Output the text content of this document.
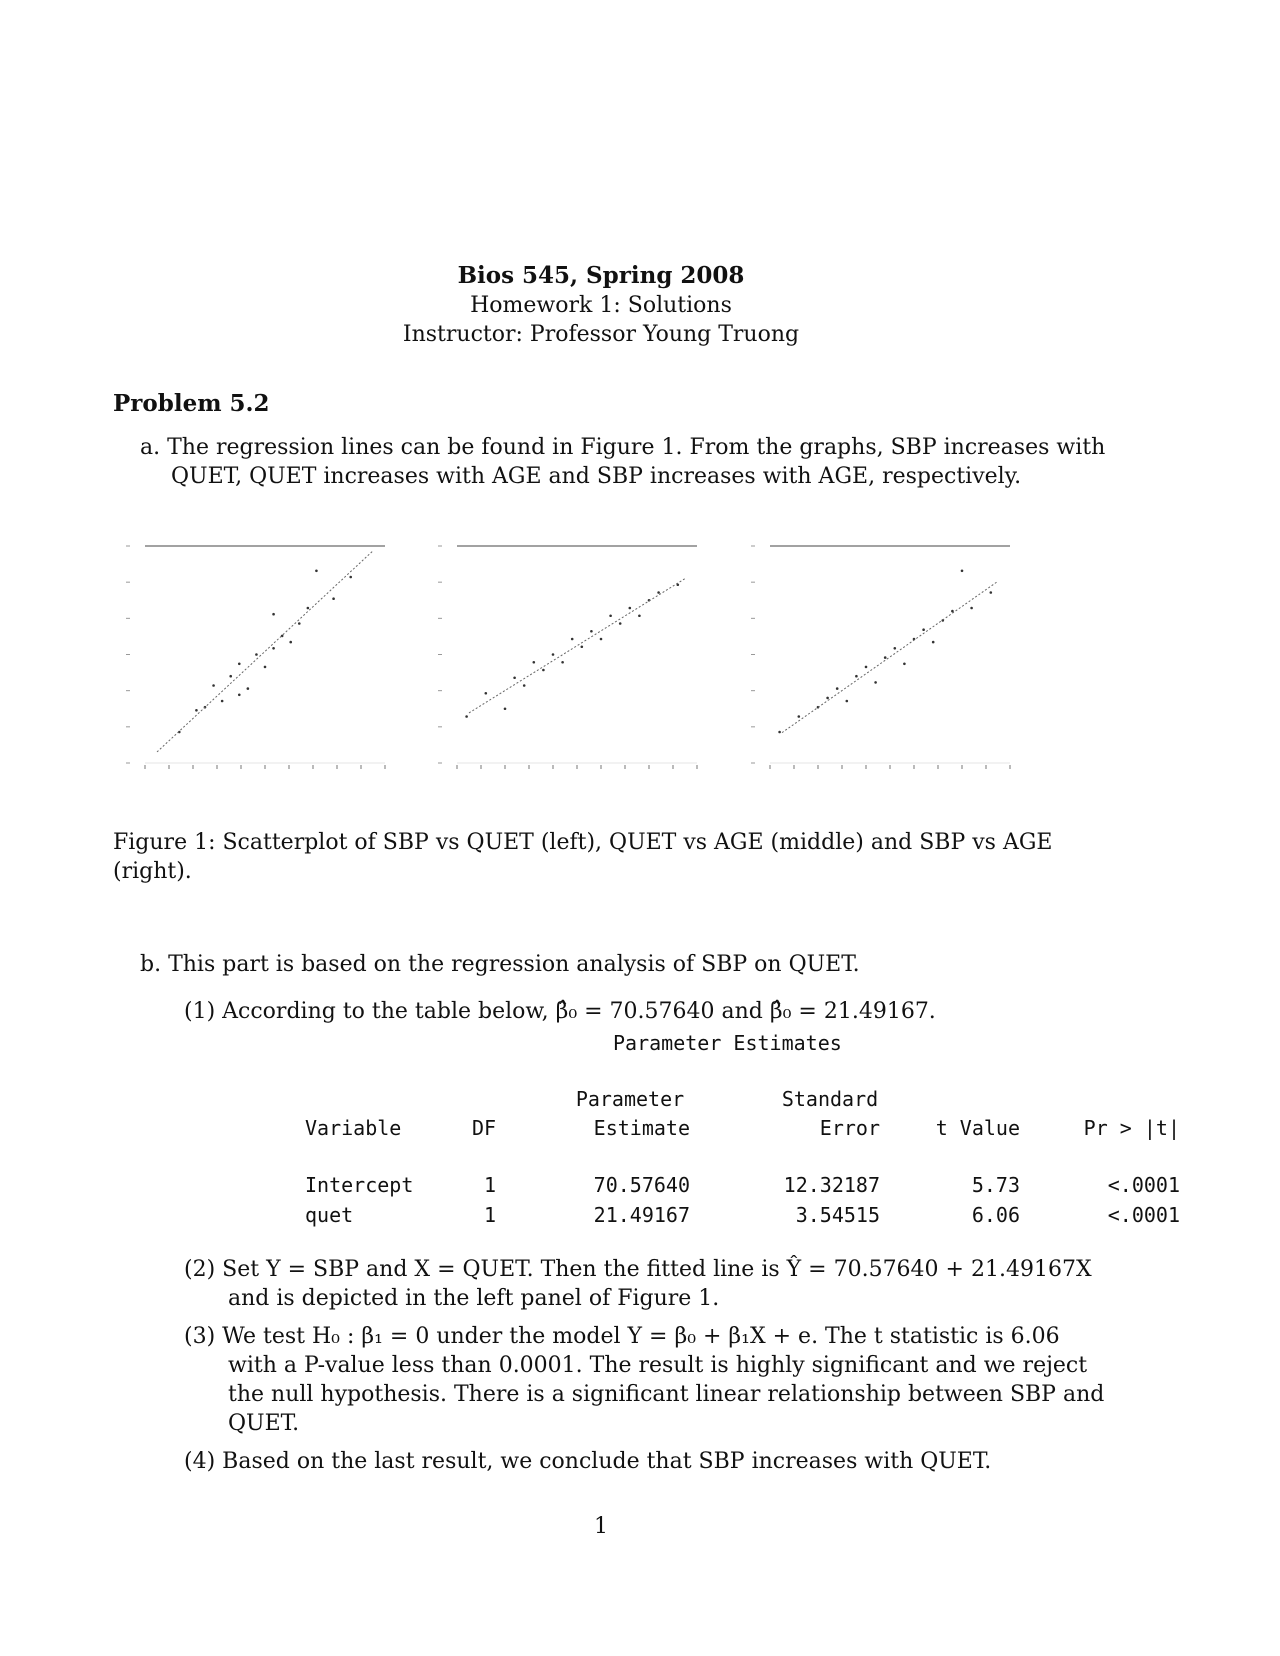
Bios 545, Spring 2008
Homework 1: Solutions
Instructor: Professor Young Truong
Problem 5.2
a. The regression lines can be found in Figure 1. From the graphs, SBP increases with
QUET, QUET increases with AGE and SBP increases with AGE, respectively.
Figure 1: Scatterplot of SBP vs QUET (left), QUET vs AGE (middle) and SBP vs AGE
(right).
b. This part is based on the regression analysis of SBP on QUET.
(1) According to the table below, β̂₀ = 70.57640 and β̂₀ = 21.49167.
Parameter Estimates
Parameter	Standard
Variable	DF	Estimate	Error	t Value	Pr > |t|
Intercept	1	70.57640	12.32187	5.73	<.0001
quet	1	21.49167	3.54515	6.06	<.0001
(2) Set Y = SBP and X = QUET. Then the fitted line is Ŷ = 70.57640 + 21.49167X
and is depicted in the left panel of Figure 1.
(3) We test H₀ : β₁ = 0 under the model Y = β₀ + β₁X + e. The t statistic is 6.06
with a P-value less than 0.0001. The result is highly significant and we reject
the null hypothesis. There is a significant linear relationship between SBP and
QUET.
(4) Based on the last result, we conclude that SBP increases with QUET.
1
